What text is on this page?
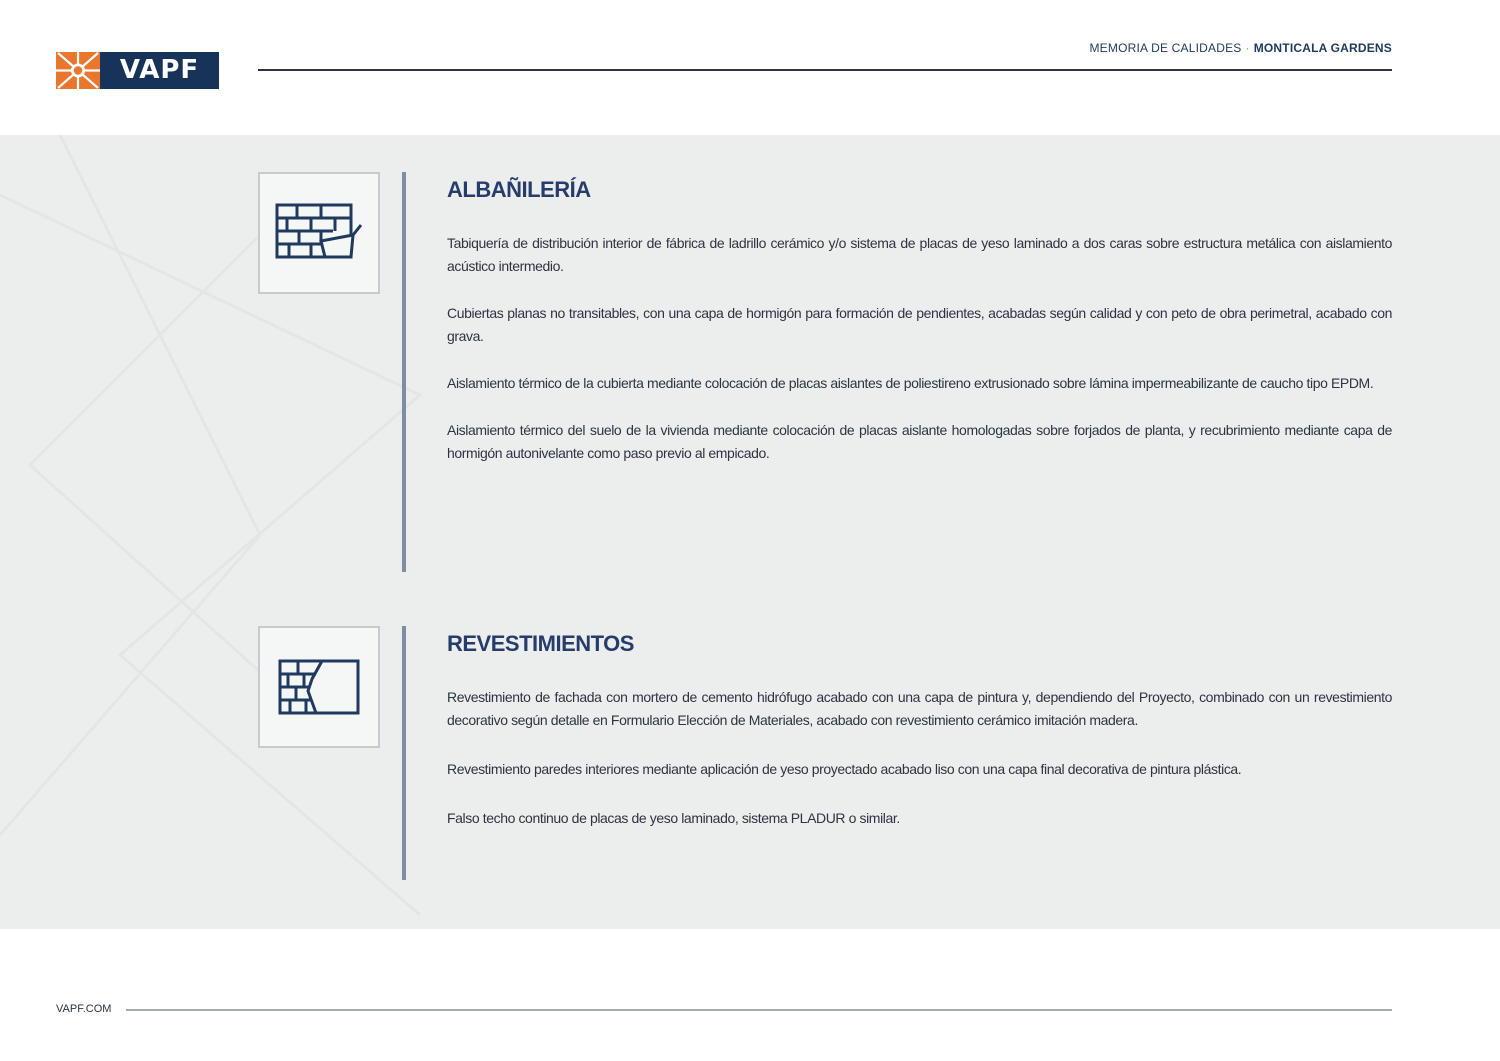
VAPF
MEMORIA DE CALIDADES · MONTICALA GARDENS
ALBAÑILERÍA

Tabiquería de distribución interior de fábrica de ladrillo cerámico y/o sistema de placas de yeso laminado a dos caras sobre estructura metálica con aislamiento acústico intermedio.

Cubiertas planas no transitables, con una capa de hormigón para formación de pendientes, acabadas según calidad y con peto de obra perimetral, acabado con grava.

Aislamiento térmico de la cubierta mediante colocación de placas aislantes de poliestireno extrusionado sobre lámina impermeabilizante de caucho tipo EPDM.

Aislamiento térmico del suelo de la vivienda mediante colocación de placas aislante homologadas sobre forjados de planta, y recubrimiento mediante capa de hormigón autonivelante como paso previo al empicado.

REVESTIMIENTOS

Revestimiento de fachada con mortero de cemento hidrófugo acabado con una capa de pintura y, dependiendo del Proyecto, combinado con un revestimiento decorativo según detalle en Formulario Elección de Materiales, acabado con revestimiento cerámico imitación madera.

Revestimiento paredes interiores mediante aplicación de yeso proyectado acabado liso con una capa final decorativa de pintura plástica.

Falso techo continuo de placas de yeso laminado, sistema PLADUR o similar.

VAPF.COM
